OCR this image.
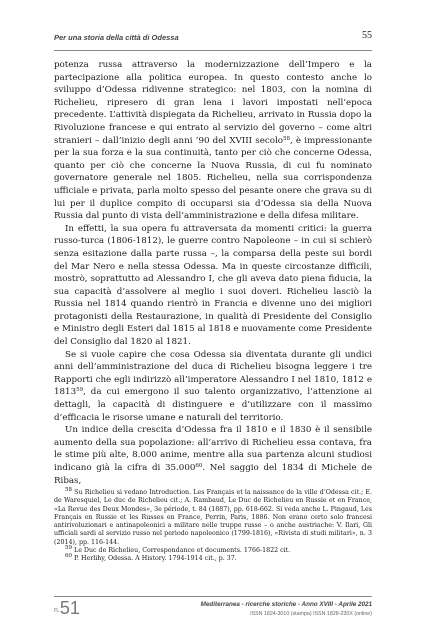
Per una storia della città di Odessa	55

potenza russa attraverso la modernizzazione dell’Impero e la partecipazione alla politica europea. In questo contesto anche lo sviluppo d’Odessa ridivenne strategico: nel 1803, con la nomina di Richelieu, ripresero di gran lena i lavori impostati nell’epoca precedente. L’attività dispiegata da Richelieu, arrivato in Russia dopo la Rivoluzione francese e qui entrato al servizio del governo – come altri stranieri – dall’inizio degli anni ’90 del XVIII secolo$^{58}$, è impressionante per la sua forza e la sua continuità, tanto per ciò che concerne Odessa, quanto per ciò che concerne la Nuova Russia, di cui fu nominato governatore generale nel 1805. Richelieu, nella sua corrispondenza ufficiale e privata, parla molto spesso del pesante onere che grava su di lui per il duplice compito di occuparsi sia d’Odessa sia della Nuova Russia dal punto di vista dell’amministrazione e della difesa militare.

In effetti, la sua opera fu attraversata da momenti critici: la guerra russo-turca (1806-1812), le guerre contro Napoleone – in cui si schierò senza esitazione dalla parte russa –, la comparsa della peste sui bordi del Mar Nero e nella stessa Odessa. Ma in queste circostanze difficili, mostrò, soprattutto ad Alessandro I, che gli aveva dato piena fiducia, la sua capacità d’assolvere al meglio i suoi doveri. Richelieu lasciò la Russia nel 1814 quando rientrò in Francia e divenne uno dei migliori protagonisti della Restaurazione, in qualità di Presidente del Consiglio e Ministro degli Esteri dal 1815 al 1818 e nuovamente come Presidente del Consiglio dal 1820 al 1821.

Se si vuole capire che cosa Odessa sia diventata durante gli undici anni dell’amministrazione del duca di Richelieu bisogna leggere i tre Rapporti che egli indirizzò all’imperatore Alessandro I nel 1810, 1812 e 1813$^{59}$, da cui emergono il suo talento organizzativo, l’attenzione ai dettagli, la capacità di distinguere e d’utilizzare con il massimo d’efficacia le risorse umane e naturali del territorio.

Un indice della crescita d’Odessa fra il 1810 e il 1830 è il sensibile aumento della sua popolazione: all’arrivo di Richelieu essa contava, fra le stime più alte, 8.000 anime, mentre alla sua partenza alcuni studiosi indicano già la cifra di 35.000$^{60}$. Nel saggio del 1834 di Michele de Ribas,

$^{58}$ Su Richelieu si vedano Introduction. Les Français et la naissance de la ville d’Odessa cit.; E. de Waresquiel, Le duc de Richelieu cit.; A. Rambaud, Le Duc de Richelieu en Russie et en France, «La Revue des Deux Mondes», 3e période, t. 84 (1887), pp. 618-662. Si veda anche L. Pingaud, Les Français en Russie et les Russes en France, Perrin, Paris, 1886. Non erano certo solo francesi antirivoluzionari e antinapoleonici a militare nelle truppe russe – o anche austriache: V. Ilari, Gli ufficiali sardi al servizio russo nel periodo napoleonico (1799-1816), «Rivista di studi militari», n. 3 (2014), pp. 116-144.

$^{59}$ Le Duc de Richelieu, Correspondance et documents. 1766-1822 cit.

$^{60}$ P. Herlihy, Odessa. A History. 1794-1914 cit., p. 37.

n.51	Mediterranea - ricerche storiche - Anno XVIII - Aprile 2021
ISSN 1824-3010 (stampa) ISSN 1828-230X (online)
